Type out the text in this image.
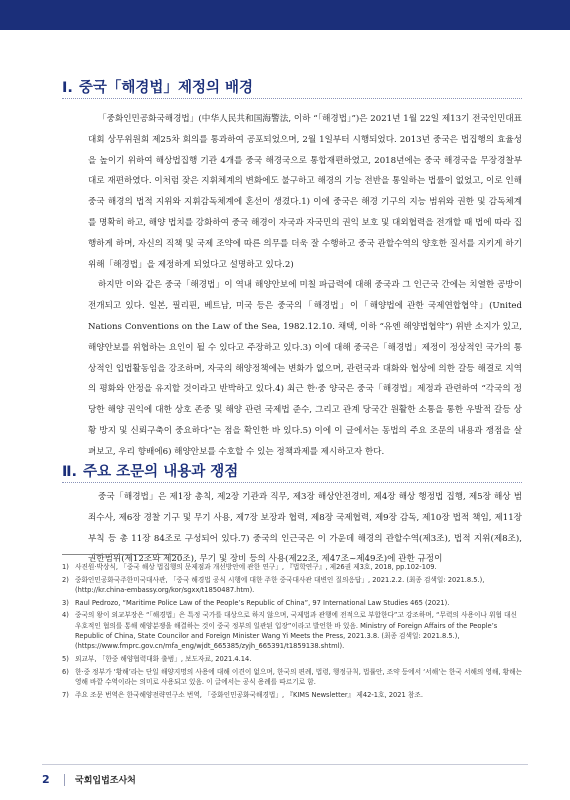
Ⅰ. 중국「해경법」제정의 배경

「중화인민공화국해경법」(中华人民共和国海警法, 이하 “「해경법」”)은 2021년 1월 22일 제13기 전국인민대표대회 상무위원회 제25차 회의를 통과하여 공포되었으며, 2월 1일부터 시행되었다. 2013년 중국은 법집행의 효율성을 높이기 위하여 해상법집행 기관 4개를 중국 해경국으로 통합재편하였고, 2018년에는 중국 해경국을 무장경찰부대로 재편하였다. 이처럼 잦은 지휘체계의 변화에도 불구하고 해경의 기능 전반을 통일하는 법률이 없었고, 이로 인해 중국 해경의 법적 지위와 지휘감독체계에 혼선이 생겼다.1) 이에 중국은 해경 기구의 지능 범위와 권한 및 감독체계를 명확히 하고, 해양 법치를 강화하여 중국 해경이 자국과 자국민의 권익 보호 및 대외협력을 전개할 때 법에 따라 집행하게 하며, 자신의 직책 및 국제 조약에 따른 의무를 더욱 잘 수행하고 중국 관할수역의 양호한 질서를 지키게 하기 위해「해경법」을 제정하게 되었다고 설명하고 있다.2)

하지만 이와 같은 중국「해경법」이 역내 해양안보에 미칠 파급력에 대해 중국과 그 인근국 간에는 치열한 공방이 전개되고 있다. 일본, 필리핀, 베트남, 미국 등은 중국의「해경법」이「해양법에 관한 국제연합협약」(United Nations Conventions on the Law of the Sea, 1982.12.10. 채택, 이하 “유엔 해양법협약”) 위반 소지가 있고, 해양안보를 위협하는 요인이 될 수 있다고 주장하고 있다.3) 이에 대해 중국은「해경법」제정이 정상적인 국가의 통상적인 입법활동임을 강조하며, 자국의 해양정책에는 변화가 없으며, 관련국과 대화와 협상에 의한 갈등 해결로 지역의 평화와 안정을 유지할 것이라고 반박하고 있다.4) 최근 한·중 양국은 중국「해경법」제정과 관련하여 “각국의 정당한 해양 권익에 대한 상호 존중 및 해양 관련 국제법 준수, 그리고 관계 당국간 원활한 소통을 통한 우발적 갈등 상황 방지 및 신뢰구축이 중요하다”는 점을 확인한 바 있다.5) 이에 이 글에서는 동법의 주요 조문의 내용과 쟁점을 살펴보고, 우리 향배에6) 해양안보를 수호할 수 있는 정책과제를 제시하고자 한다.

Ⅱ. 주요 조문의 내용과 쟁점

중국「해경법」은 제1장 총칙, 제2장 기관과 직무, 제3장 해상안전경비, 제4장 해상 행정법 집행, 제5장 해상 범죄수사, 제6장 경찰 기구 및 무기 사용, 제7장 보장과 협력, 제8장 국제협력, 제9장 감독, 제10장 법적 책임, 제11장 부칙 등 총 11장 84조로 구성되어 있다.7) 중국의 인근국은 이 가운데 해경의 관할수역(제3조), 법적 지위(제8조), 권한범위(제12조와 제20조), 무기 및 장비 등의 사용(제22조, 제47조~제49조)에 관한 규정이

1) 사진원·박상식, 「중국 해상 법집행의 문제점과 개선방안에 관한 연구」, 『법학연구』, 제26권 제3호, 2018, pp.102-109.
2) 중화인민공화국주한미국대사관, 「중국 해경법 공식 시행에 대한 주한 중국대사관 대변인 질의응답」, 2021.2.2. (최종 검색일: 2021.8.5.), (http://kr.china-embassy.org/kor/sgxx/t1850487.htm).
3) Raul Pedrozo, “Maritime Police Law of the People’s Republic of China”, 97 International Law Studies 465 (2021).
4) 중국의 왕이 외교부장은 “「해경법」은 특정 국가를 대상으로 하지 않으며, 국제법과 관행에 전적으로 부합한다”고 강조하며, “무력의 사용이나 위협 대신 우호적인 협의를 통해 해양분쟁을 해결하는 것이 중국 정부의 일관된 입장”이라고 발언한 바 있음. Ministry of Foreign Affairs of the People’s Republic of China, State Councilor and Foreign Minister Wang Yi Meets the Press, 2021.3.8. (최종 검색일: 2021.8.5.), (https://www.fmprc.gov.cn/mfa_eng/wjdt_665385/zyjh_665391/t1859138.shtml).
5) 외교부, 「한중 해양협력대화 출범」, 보도자료, 2021.4.14.
6) 한·중 정부가 ‘황해’라는 단일 해양지명의 사용에 대해 이견이 없으며, 한국의 편례, 법령, 행정규칙, 법률안, 조약 등에서 ‘서해’는 한국 서해의 영해, 황해는 영해 바깥 수역이라는 의미로 사용되고 있음. 이 글에서는 공식 용례를 따르기로 함.
7) 주요 조문 번역은 한국해양전략연구소 번역, 「중화인민공화국해경법」, 『KIMS Newsletter』 제42-1호, 2021 참조.
2	국회입법조사처
